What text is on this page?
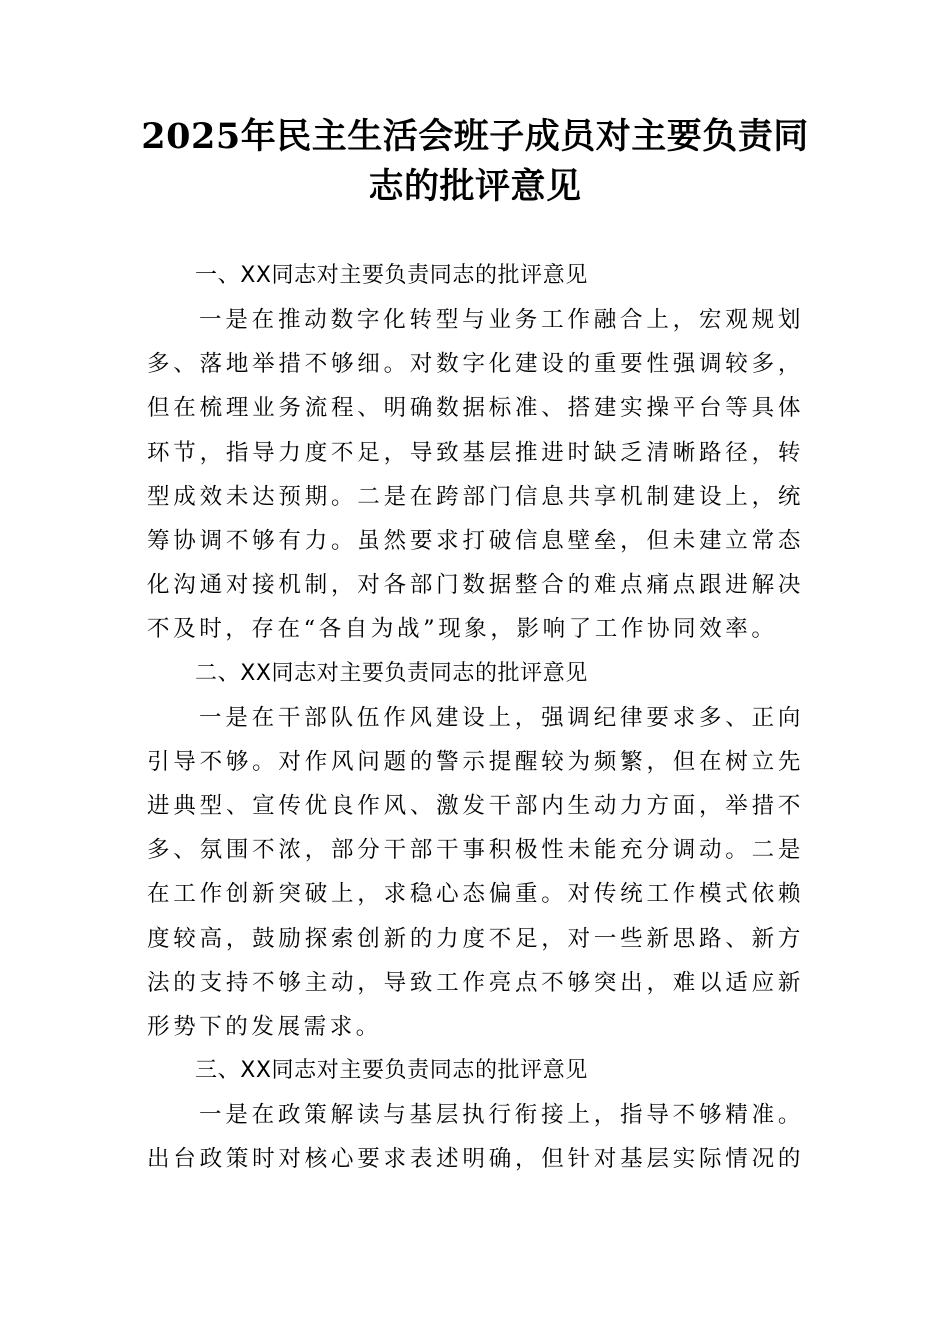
2025年民主生活会班子成员对主要负责同
志的批评意见

一、XX同志对主要负责同志的批评意见

一是在推动数字化转型与业务工作融合上，宏观规划
多、落地举措不够细。对数字化建设的重要性强调较多，
但在梳理业务流程、明确数据标准、搭建实操平台等具体
环节，指导力度不足，导致基层推进时缺乏清晰路径，转
型成效未达预期。二是在跨部门信息共享机制建设上，统
筹协调不够有力。虽然要求打破信息壁垒，但未建立常态
化沟通对接机制，对各部门数据整合的难点痛点跟进解决
不及时，存在“各自为战”现象，影响了工作协同效率。

二、XX同志对主要负责同志的批评意见

一是在干部队伍作风建设上，强调纪律要求多、正向
引导不够。对作风问题的警示提醒较为频繁，但在树立先
进典型、宣传优良作风、激发干部内生动力方面，举措不
多、氛围不浓，部分干部干事积极性未能充分调动。二是
在工作创新突破上，求稳心态偏重。对传统工作模式依赖
度较高，鼓励探索创新的力度不足，对一些新思路、新方
法的支持不够主动，导致工作亮点不够突出，难以适应新
形势下的发展需求。

三、XX同志对主要负责同志的批评意见

一是在政策解读与基层执行衔接上，指导不够精准。
出台政策时对核心要求表述明确，但针对基层实际情况的
